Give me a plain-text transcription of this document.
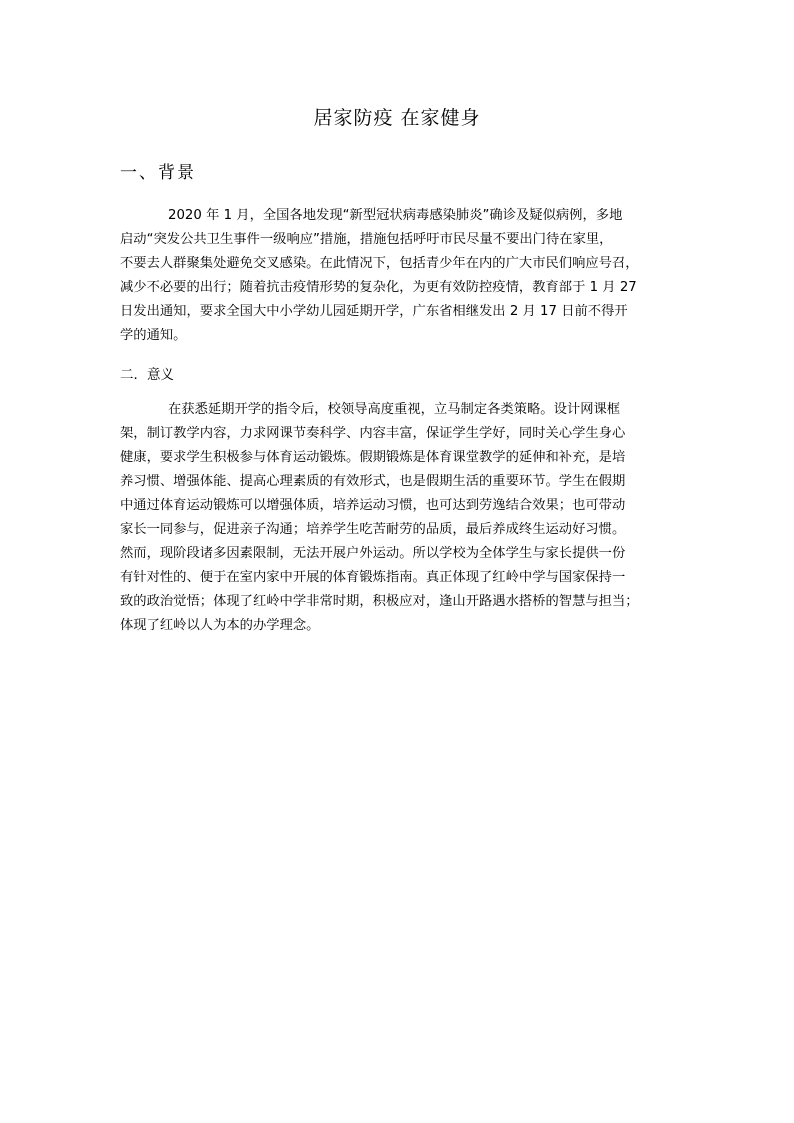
居家防疫 在家健身
一、背景
2020 年 1 月，全国各地发现“新型冠状病毒感染肺炎”确诊及疑似病例，多地
启动“突发公共卫生事件一级响应”措施，措施包括呼吁市民尽量不要出门待在家里，
不要去人群聚集处避免交叉感染。在此情况下，包括青少年在内的广大市民们响应号召，
减少不必要的出行；随着抗击疫情形势的复杂化，为更有效防控疫情，教育部于 1 月 27
日发出通知，要求全国大中小学幼儿园延期开学，广东省相继发出 2 月 17 日前不得开
学的通知。
二．意义
在获悉延期开学的指令后，校领导高度重视，立马制定各类策略。设计网课框
架，制订教学内容，力求网课节奏科学、内容丰富，保证学生学好，同时关心学生身心
健康，要求学生积极参与体育运动锻炼。假期锻炼是体育课堂教学的延伸和补充，是培
养习惯、增强体能、提高心理素质的有效形式，也是假期生活的重要环节。学生在假期
中通过体育运动锻炼可以增强体质，培养运动习惯，也可达到劳逸结合效果；也可带动
家长一同参与，促进亲子沟通；培养学生吃苦耐劳的品质，最后养成终生运动好习惯。
然而，现阶段诸多因素限制，无法开展户外运动。所以学校为全体学生与家长提供一份
有针对性的、便于在室内家中开展的体育锻炼指南。真正体现了红岭中学与国家保持一
致的政治觉悟；体现了红岭中学非常时期，积极应对，逢山开路遇水搭桥的智慧与担当；
体现了红岭以人为本的办学理念。
